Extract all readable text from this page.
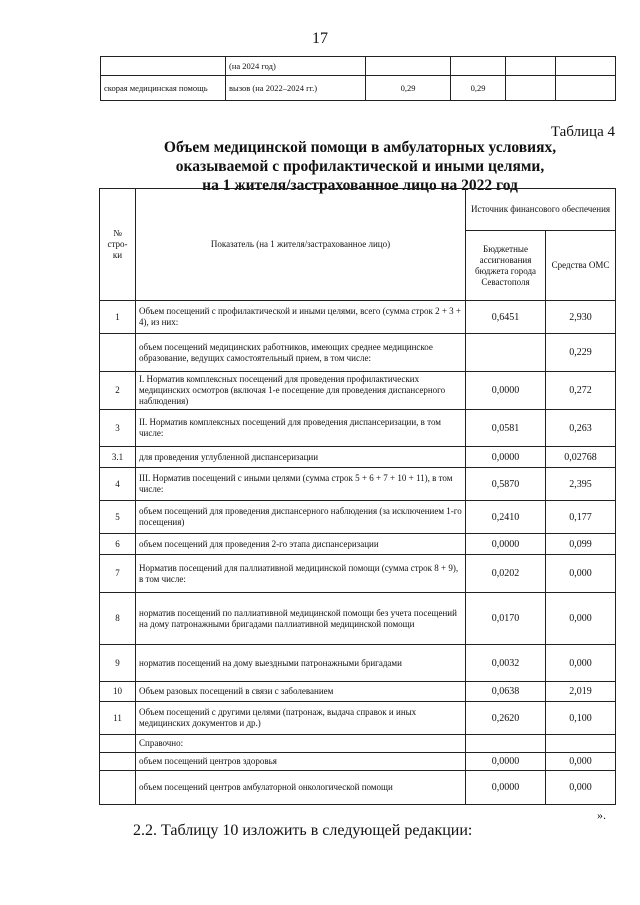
17
	(на 2024 год)				
скорая медицинская помощь	вызов (на 2022–2024 гг.)	0,29	0,29		
Таблица 4
Объем медицинской помощи в амбулаторных условиях,
оказываемой с профилактической и иными целями,
на 1 жителя/застрахованное лицо на 2022 год
№ стро-ки	Показатель (на 1 жителя/застрахованное лицо)	Источник финансового обеспечения	
		Бюджетные ассигнования бюджета города Севастополя	Средства ОМС
1	Объем посещений с профилактической и иными целями, всего (сумма строк 2 + 3 + 4), из них:	0,6451	2,930
	объем посещений медицинских работников, имеющих среднее медицинское образование, ведущих самостоятельный прием, в том числе:		0,229
2	I. Норматив комплексных посещений для проведения профилактических медицинских осмотров (включая 1-е посещение для проведения диспансерного наблюдения)	0,0000	0,272
3	II. Норматив комплексных посещений для проведения диспансеризации, в том числе:	0,0581	0,263
3.1	для проведения углубленной диспансеризации	0,0000	0,02768
4	III. Норматив посещений с иными целями (сумма строк 5 + 6 + 7 + 10 + 11), в том числе:	0,5870	2,395
5	объем посещений для проведения диспансерного наблюдения (за исключением 1-го посещения)	0,2410	0,177
6	объем посещений для проведения 2-го этапа диспансеризации	0,0000	0,099
7	Норматив посещений для паллиативной медицинской помощи (сумма строк 8 + 9), в том числе:	0,0202	0,000
8	норматив посещений по паллиативной медицинской помощи без учета посещений на дому патронажными бригадами паллиативной медицинской помощи	0,0170	0,000
9	норматив посещений на дому выездными патронажными бригадами	0,0032	0,000
10	Объем разовых посещений в связи с заболеванием	0,0638	2,019
11	Объем посещений с другими целями (патронаж, выдача справок и иных медицинских документов и др.)	0,2620	0,100
	Справочно:		
	объем посещений центров здоровья	0,0000	0,000
	объем посещений центров амбулаторной онкологической помощи	0,0000	0,000
».
2.2. Таблицу 10 изложить в следующей редакции:
